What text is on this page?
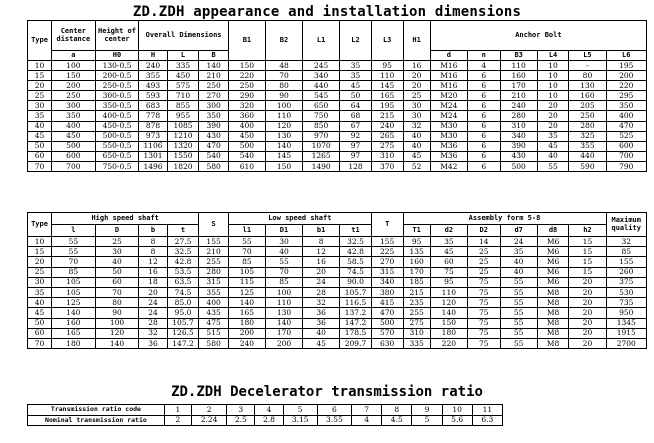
ZD.ZDH appearance and installation dimensions
Type	Center distance	Height of center	Overall Dimensions			B1	B2	L1	L2	L3	H1	Anchor Bolt					
	a	H0	H	L	B							d	n	B3	L4	L5	L6
10	100	130-0.5	240	335	140	150	48	245	35	95	16	M16	4	110	10	-	195
15	150	200-0.5	355	450	210	220	70	340	35	110	20	M16	6	160	10	80	200
20	200	250-0.5	493	575	250	250	80	440	45	145	20	M16	6	170	10	130	220
25	250	300-0.5	593	710	270	290	90	545	50	165	25	M20	6	210	10	160	295
30	300	350-0.5	683	855	300	320	100	650	64	195	30	M24	6	240	20	205	350
35	350	400-0.5	778	955	350	360	110	750	68	215	30	M24	6	280	20	250	400
40	400	450-0.5	878	1085	390	400	120	850	67	240	32	M30	6	310	20	280	470
45	450	500-0.5	973	1210	430	450	130	970	92	265	40	M30	6	340	35	325	525
50	500	550-0.5	1106	1320	470	500	140	1070	97	275	40	M36	6	390	45	355	600
60	600	650-0.5	1301	1550	540	540	145	1265	97	310	45	M36	6	430	40	440	700
70	700	750-0.5	1496	1820	580	610	150	1490	128	370	52	M42	6	500	55	590	790
Type	High speed shaft				S	Low speed shaft				T	Assembly form 5-8						Maximum quality
	l	D	b	t		l1	D1	b1	t1		T1	d2	D2	d7	d8	h2	
10	55	25	8	27.5	155	55	30	8	32.5	155	95	35	14	24	M6	15	32
15	55	30	8	32.5	210	70	40	12	42.8	225	135	45	25	35	M6	15	85
20	70	40	12	42.8	255	85	55	16	58.5	270	160	60	25	40	M6	15	155
25	85	50	16	53.5	280	105	70	20	74.5	315	170	75	25	40	M6	15	260
30	105	60	18	63.5	315	115	85	24	90.0	340	185	95	75	55	M6	20	375
35	105	70	20	74.5	355	125	100	28	105.7	380	215	110	75	55	M8	20	530
40	125	80	24	85.0	400	140	110	32	116.5	415	235	120	75	55	M8	20	735
45	140	90	24	95.0	435	165	130	36	137.2	470	255	140	75	55	M8	20	950
50	160	100	28	105.7	475	180	140	36	147.2	500	275	150	75	55	M8	20	1345
60	165	120	32	126.5	515	200	170	40	178.5	570	310	180	75	55	M8	20	1915
70	180	140	36	147.2	580	240	200	45	209.7	630	335	220	75	55	M8	20	2700
ZD.ZDH Decelerator transmission ratio
Transmission ratio code	1	2	3	4	5	6	7	8	9	10	11
Nominal transmission ratio	2	2.24	2.5	2.8	3.15	3.55	4	4.5	5	5.6	6.3
